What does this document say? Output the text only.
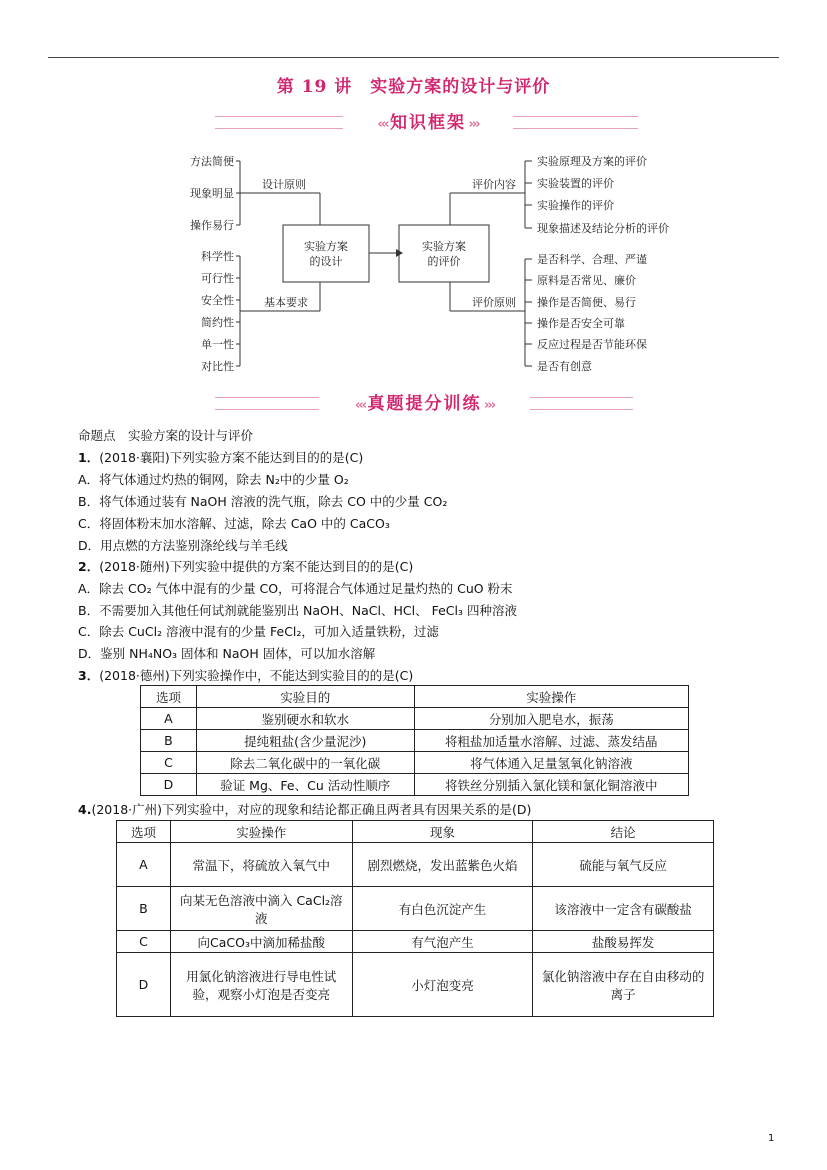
第 19 讲　实验方案的设计与评价
‹‹‹ 知识框架 ›››
方法简便
现象明显
操作易行
科学性
可行性
安全性
简约性
单一性
对比性
设计原则
基本要求
实验方案
的设计
实验方案
的评价
评价内容
评价原则
实验原理及方案的评价
实验装置的评价
实验操作的评价
现象描述及结论分析的评价
是否科学、合理、严谨
原料是否常见、廉价
操作是否简便、易行
操作是否安全可靠
反应过程是否节能环保
是否有创意
‹‹‹ 真题提分训练 ›››
命题点　实验方案的设计与评价
1．(2018·襄阳)下列实验方案不能达到目的的是(C)
A．将气体通过灼热的铜网，除去 N₂中的少量 O₂
B．将气体通过装有 NaOH 溶液的洗气瓶，除去 CO 中的少量 CO₂
C．将固体粉末加水溶解、过滤，除去 CaO 中的 CaCO₃
D．用点燃的方法鉴别涤纶线与羊毛线
2．(2018·随州)下列实验中提供的方案不能达到目的的是(C)
A．除去 CO₂ 气体中混有的少量 CO，可将混合气体通过足量灼热的 CuO 粉末
B．不需要加入其他任何试剂就能鉴别出 NaOH、NaCl、HCl、 FeCl₃ 四种溶液
C．除去 CuCl₂ 溶液中混有的少量 FeCl₂，可加入适量铁粉，过滤
D．鉴别 NH₄NO₃ 固体和 NaOH 固体，可以加水溶解
3．(2018·德州)下列实验操作中，不能达到实验目的的是(C)
选项	实验目的	实验操作
A	鉴别硬水和软水	分别加入肥皂水，振荡
B	提纯粗盐(含少量泥沙)	将粗盐加适量水溶解、过滤、蒸发结晶
C	除去二氧化碳中的一氧化碳	将气体通入足量氢氧化钠溶液
D	验证 Mg、Fe、Cu 活动性顺序	将铁丝分别插入氯化镁和氯化铜溶液中
4.(2018·广州)下列实验中，对应的现象和结论都正确且两者具有因果关系的是(D)
选项	实验操作	现象	结论
A	常温下，将硫放入氧气中	剧烈燃烧，发出蓝紫色火焰	硫能与氧气反应
B	向某无色溶液中滴入 CaCl₂溶液	有白色沉淀产生	该溶液中一定含有碳酸盐
C	向CaCO₃中滴加稀盐酸	有气泡产生	盐酸易挥发
D	用氯化钠溶液进行导电性试验，观察小灯泡是否变亮	小灯泡变亮	氯化钠溶液中存在自由移动的离子
1
